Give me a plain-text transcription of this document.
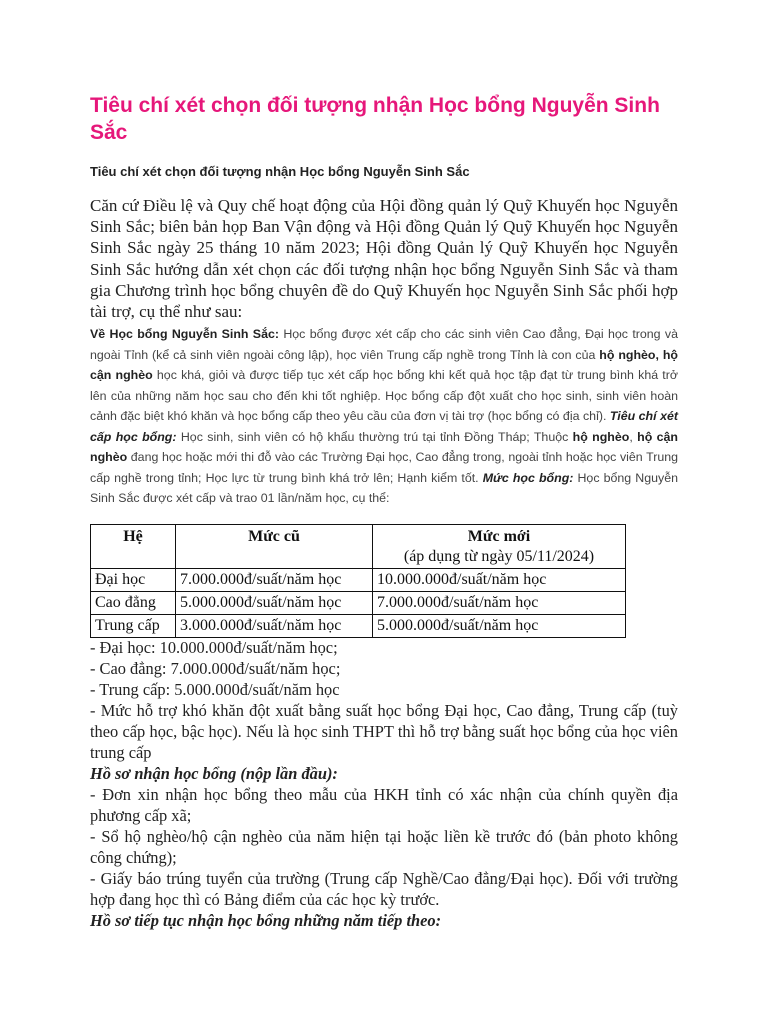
Tiêu chí xét chọn đối tượng nhận Học bổng Nguyễn Sinh Sắc

Tiêu chí xét chọn đối tượng nhận Học bổng Nguyễn Sinh Sắc

Căn cứ Điều lệ và Quy chế hoạt động của Hội đồng quản lý Quỹ Khuyến học Nguyễn Sinh Sắc; biên bản họp Ban Vận động và Hội đồng Quản lý Quỹ Khuyến học Nguyễn Sinh Sắc ngày 25 tháng 10 năm 2023; Hội đồng Quản lý Quỹ Khuyến học Nguyễn Sinh Sắc hướng dẫn xét chọn các đối tượng nhận học bổng Nguyễn Sinh Sắc và tham gia Chương trình học bổng chuyên đề do Quỹ Khuyến học Nguyễn Sinh Sắc phối hợp tài trợ, cụ thể như sau:

Về Học bổng Nguyễn Sinh Sắc: Học bổng được xét cấp cho các sinh viên Cao đẳng, Đại học trong và ngoài Tỉnh (kể cả sinh viên ngoài công lập), học viên Trung cấp nghề trong Tỉnh là con của hộ nghèo, hộ cận nghèo học khá, giỏi và được tiếp tục xét cấp học bổng khi kết quả học tập đạt từ trung bình khá trở lên của những năm học sau cho đến khi tốt nghiệp. Học bổng cấp đột xuất cho học sinh, sinh viên hoàn cảnh đặc biệt khó khăn và học bổng cấp theo yêu cầu của đơn vị tài trợ (học bổng có địa chỉ). Tiêu chí xét cấp học bổng: Học sinh, sinh viên có hộ khẩu thường trú tại tỉnh Đồng Tháp; Thuộc hộ nghèo, hộ cận nghèo đang học hoặc mới thi đỗ vào các Trường Đại học, Cao đẳng trong, ngoài tỉnh hoặc học viên Trung cấp nghề trong tỉnh; Học lực từ trung bình khá trở lên; Hạnh kiểm tốt. Mức học bổng: Học bổng Nguyễn Sinh Sắc được xét cấp và trao 01 lần/năm học, cụ thể:

Hệ	Mức cũ	Mức mới
(áp dụng từ ngày 05/11/2024)

Đại học	7.000.000đ/suất/năm học	10.000.000đ/suất/năm học
Cao đẳng	5.000.000đ/suất/năm học	7.000.000đ/suất/năm học
Trung cấp	3.000.000đ/suất/năm học	5.000.000đ/suất/năm học

- Đại học: 10.000.000đ/suất/năm học;

- Cao đẳng: 7.000.000đ/suất/năm học;

- Trung cấp: 5.000.000đ/suất/năm học

- Mức hỗ trợ khó khăn đột xuất bằng suất học bổng Đại học, Cao đẳng, Trung cấp (tuỳ theo cấp học, bậc học). Nếu là học sinh THPT thì hỗ trợ bằng suất học bổng của học viên trung cấp

Hồ sơ nhận học bổng (nộp lần đầu):

- Đơn xin nhận học bổng theo mẫu của HKH tỉnh có xác nhận của chính quyền địa phương cấp xã;

- Sổ hộ nghèo/hộ cận nghèo của năm hiện tại hoặc liền kề trước đó (bản photo không công chứng);

- Giấy báo trúng tuyển của trường (Trung cấp Nghề/Cao đẳng/Đại học). Đối với trường hợp đang học thì có Bảng điểm của các học kỳ trước.

Hồ sơ tiếp tục nhận học bổng những năm tiếp theo:
